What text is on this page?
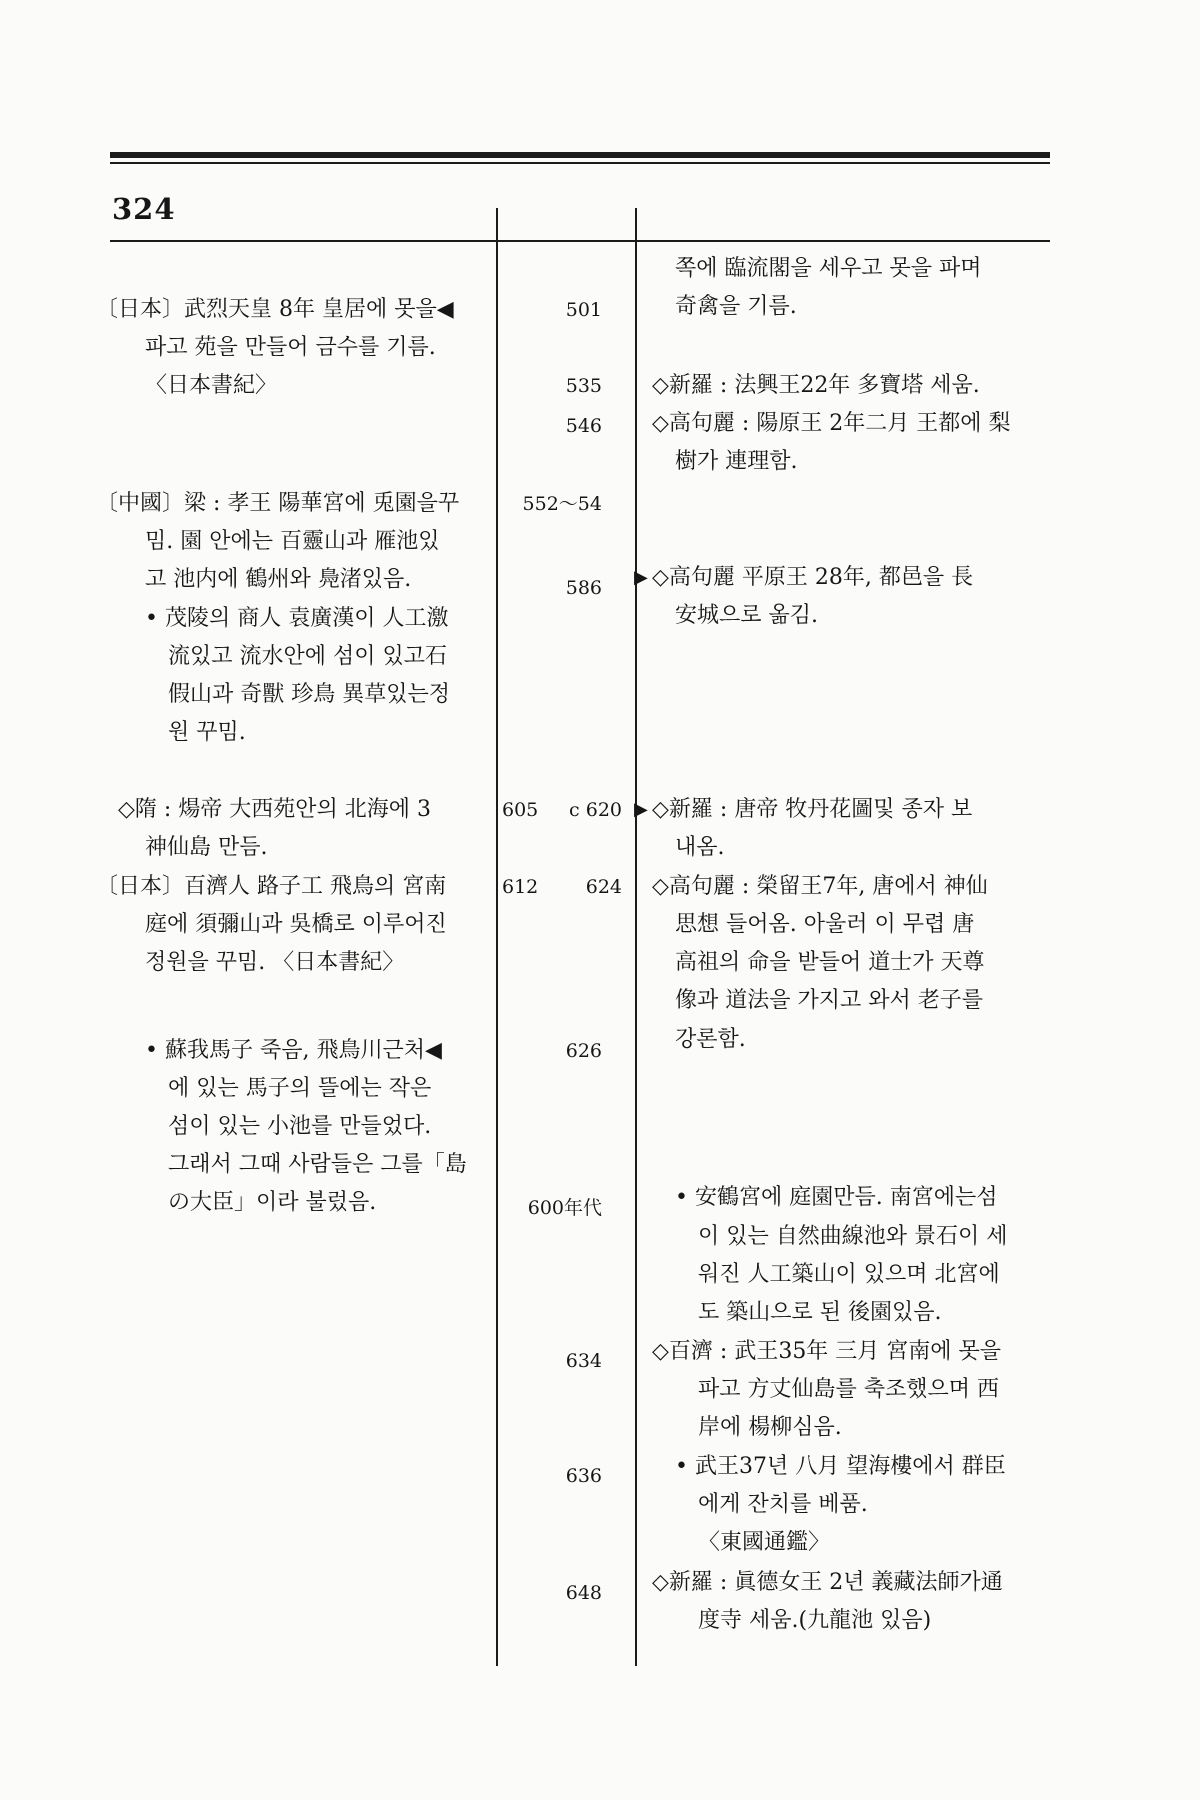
324
〔日本〕武烈天皇 8年 皇居에 못을◀
파고 苑을 만들어 금수를 기름.
〈日本書紀〉
〔中國〕梁 : 孝王 陽華宮에 兎園을꾸
밈. 園 안에는 百靈山과 雁池있
고 池内에 鶴州와 鳧渚있음.
• 茂陵의 商人 袁廣漢이 人工激
流있고 流水안에 섬이 있고石
假山과 奇獸 珍鳥 異草있는정
원 꾸밈.
◇隋 : 煬帝 大西苑안의 北海에 3
神仙島 만듬.
〔日本〕百濟人 路子工 飛鳥의 宮南
庭에 須彌山과 吳橋로 이루어진
정원을 꾸밈. 〈日本書紀〉
• 蘇我馬子 죽음, 飛鳥川근처◀
에 있는 馬子의 뜰에는 작은
섬이 있는 小池를 만들었다.
그래서 그때 사람들은 그를「島
の大臣」이라 불렀음.
501
535
546
552～54
586
605	c 620
612	624
626
600年代
634
636
648
쪽에 臨流閣을 세우고 못을 파며
奇禽을 기름.
◇新羅 : 法興王22年 多寶塔 세움.
◇高句麗 : 陽原王 2年二月 王都에 梨
樹가 連理함.
▶ ◇高句麗 平原王 28年, 都邑을 長
安城으로 옮김.
▶ ◇新羅 : 唐帝 牧丹花圖및 종자 보
내옴.
◇高句麗 : 榮留王7年, 唐에서 神仙
思想 들어옴. 아울러 이 무렵 唐
高祖의 命을 받들어 道士가 天尊
像과 道法을 가지고 와서 老子를
강론함.
• 安鶴宮에 庭園만듬. 南宮에는섬
이 있는 自然曲線池와 景石이 세
워진 人工築山이 있으며 北宮에
도 築山으로 된 後園있음.
◇百濟 : 武王35年 三月 宮南에 못을
파고 方丈仙島를 축조했으며 西
岸에 楊柳심음.
• 武王37년 八月 望海樓에서 群臣
에게 잔치를 베품.
〈東國通鑑〉
◇新羅 : 眞德女王 2년 義藏法師가通
度寺 세움.(九龍池 있음)
